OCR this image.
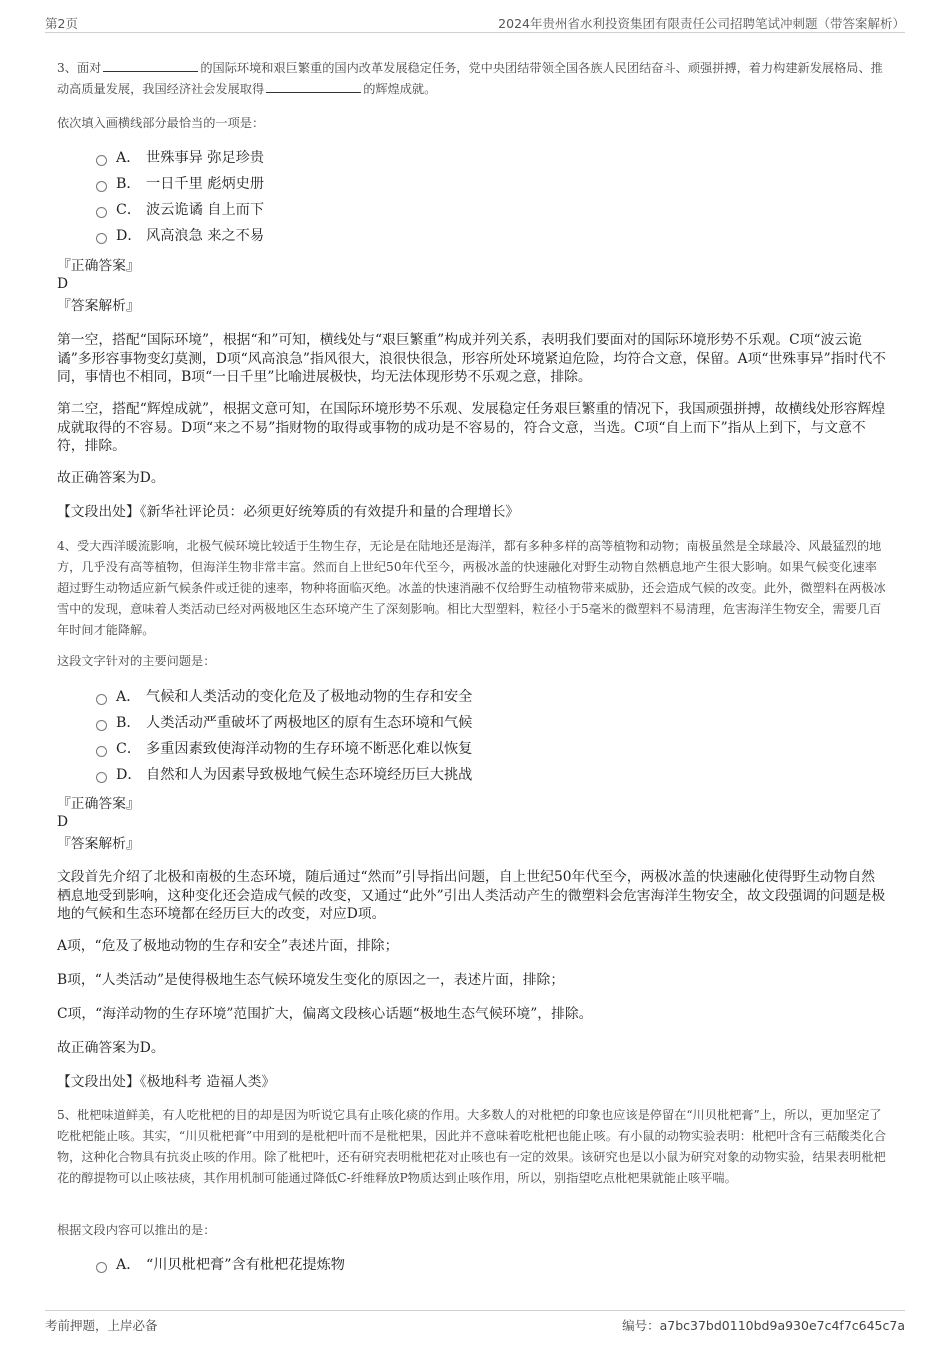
第2页	2024年贵州省水利投资集团有限责任公司招聘笔试冲刺题（带答案解析）

3、面对	的国际环境和艰巨繁重的国内改革发展稳定任务，党中央团结带领全国各族人民团结奋斗、顽强拼搏，着力构建新发展格局、推动高质量发展，我国经济社会发展取得	的辉煌成就。

依次填入画横线部分最恰当的一项是：

A． 世殊事异 弥足珍贵
B． 一日千里 彪炳史册
C． 波云诡谲 自上而下
D． 风高浪急 来之不易

『正确答案』

D

『答案解析』

第一空，搭配“国际环境”，根据“和”可知，横线处与“艰巨繁重”构成并列关系，表明我们要面对的国际环境形势不乐观。C项“波云诡谲”多形容事物变幻莫测，D项“风高浪急”指风很大，浪很快很急，形容所处环境紧迫危险，均符合文意，保留。A项“世殊事异”指时代不同，事情也不相同，B项“一日千里”比喻进展极快，均无法体现形势不乐观之意，排除。

第二空，搭配“辉煌成就”，根据文意可知，在国际环境形势不乐观、发展稳定任务艰巨繁重的情况下，我国顽强拼搏，故横线处形容辉煌成就取得的不容易。D项“来之不易”指财物的取得或事物的成功是不容易的，符合文意，当选。C项“自上而下”指从上到下，与文意不符，排除。

故正确答案为D。

【文段出处】《新华社评论员：必须更好统筹质的有效提升和量的合理增长》

4、受大西洋暖流影响，北极气候环境比较适于生物生存，无论是在陆地还是海洋，都有多种多样的高等植物和动物；南极虽然是全球最冷、风最猛烈的地方，几乎没有高等植物，但海洋生物非常丰富。然而自上世纪50年代至今，两极冰盖的快速融化对野生动物自然栖息地产生很大影响。如果气候变化速率超过野生动物适应新气候条件或迁徙的速率，物种将面临灭绝。冰盖的快速消融不仅给野生动植物带来威胁，还会造成气候的改变。此外，微塑料在两极冰雪中的发现，意味着人类活动已经对两极地区生态环境产生了深刻影响。相比大型塑料，粒径小于5毫米的微塑料不易清理，危害海洋生物安全，需要几百年时间才能降解。

这段文字针对的主要问题是：

A． 气候和人类活动的变化危及了极地动物的生存和安全
B． 人类活动严重破坏了两极地区的原有生态环境和气候
C． 多重因素致使海洋动物的生存环境不断恶化难以恢复
D． 自然和人为因素导致极地气候生态环境经历巨大挑战

『正确答案』

D

『答案解析』

文段首先介绍了北极和南极的生态环境，随后通过“然而”引导指出问题，自上世纪50年代至今，两极冰盖的快速融化使得野生动物自然栖息地受到影响，这种变化还会造成气候的改变，又通过“此外”引出人类活动产生的微塑料会危害海洋生物安全，故文段强调的问题是极地的气候和生态环境都在经历巨大的改变，对应D项。

A项，“危及了极地动物的生存和安全”表述片面，排除；

B项，“人类活动”是使得极地生态气候环境发生变化的原因之一，表述片面，排除；

C项，“海洋动物的生存环境”范围扩大，偏离文段核心话题“极地生态气候环境”，排除。

故正确答案为D。

【文段出处】《极地科考 造福人类》

5、枇杷味道鲜美，有人吃枇杷的目的却是因为听说它具有止咳化痰的作用。大多数人的对枇杷的印象也应该是停留在“川贝枇杷膏”上，所以，更加坚定了吃枇杷能止咳。其实，“川贝枇杷膏”中用到的是枇杷叶而不是枇杷果，因此并不意味着吃枇杷也能止咳。有小鼠的动物实验表明：枇杷叶含有三萜酸类化合物，这种化合物具有抗炎止咳的作用。除了枇杷叶，还有研究表明枇杷花对止咳也有一定的效果。该研究也是以小鼠为研究对象的动物实验，结果表明枇杷花的醇提物可以止咳祛痰，其作用机制可能通过降低C-纤维释放P物质达到止咳作用，所以，别指望吃点枇杷果就能止咳平喘。

根据文段内容可以推出的是：

A． “川贝枇杷膏”含有枇杷花提炼物
考前押题，上岸必备	编号：a7bc37bd0110bd9a930e7c4f7c645c7a
